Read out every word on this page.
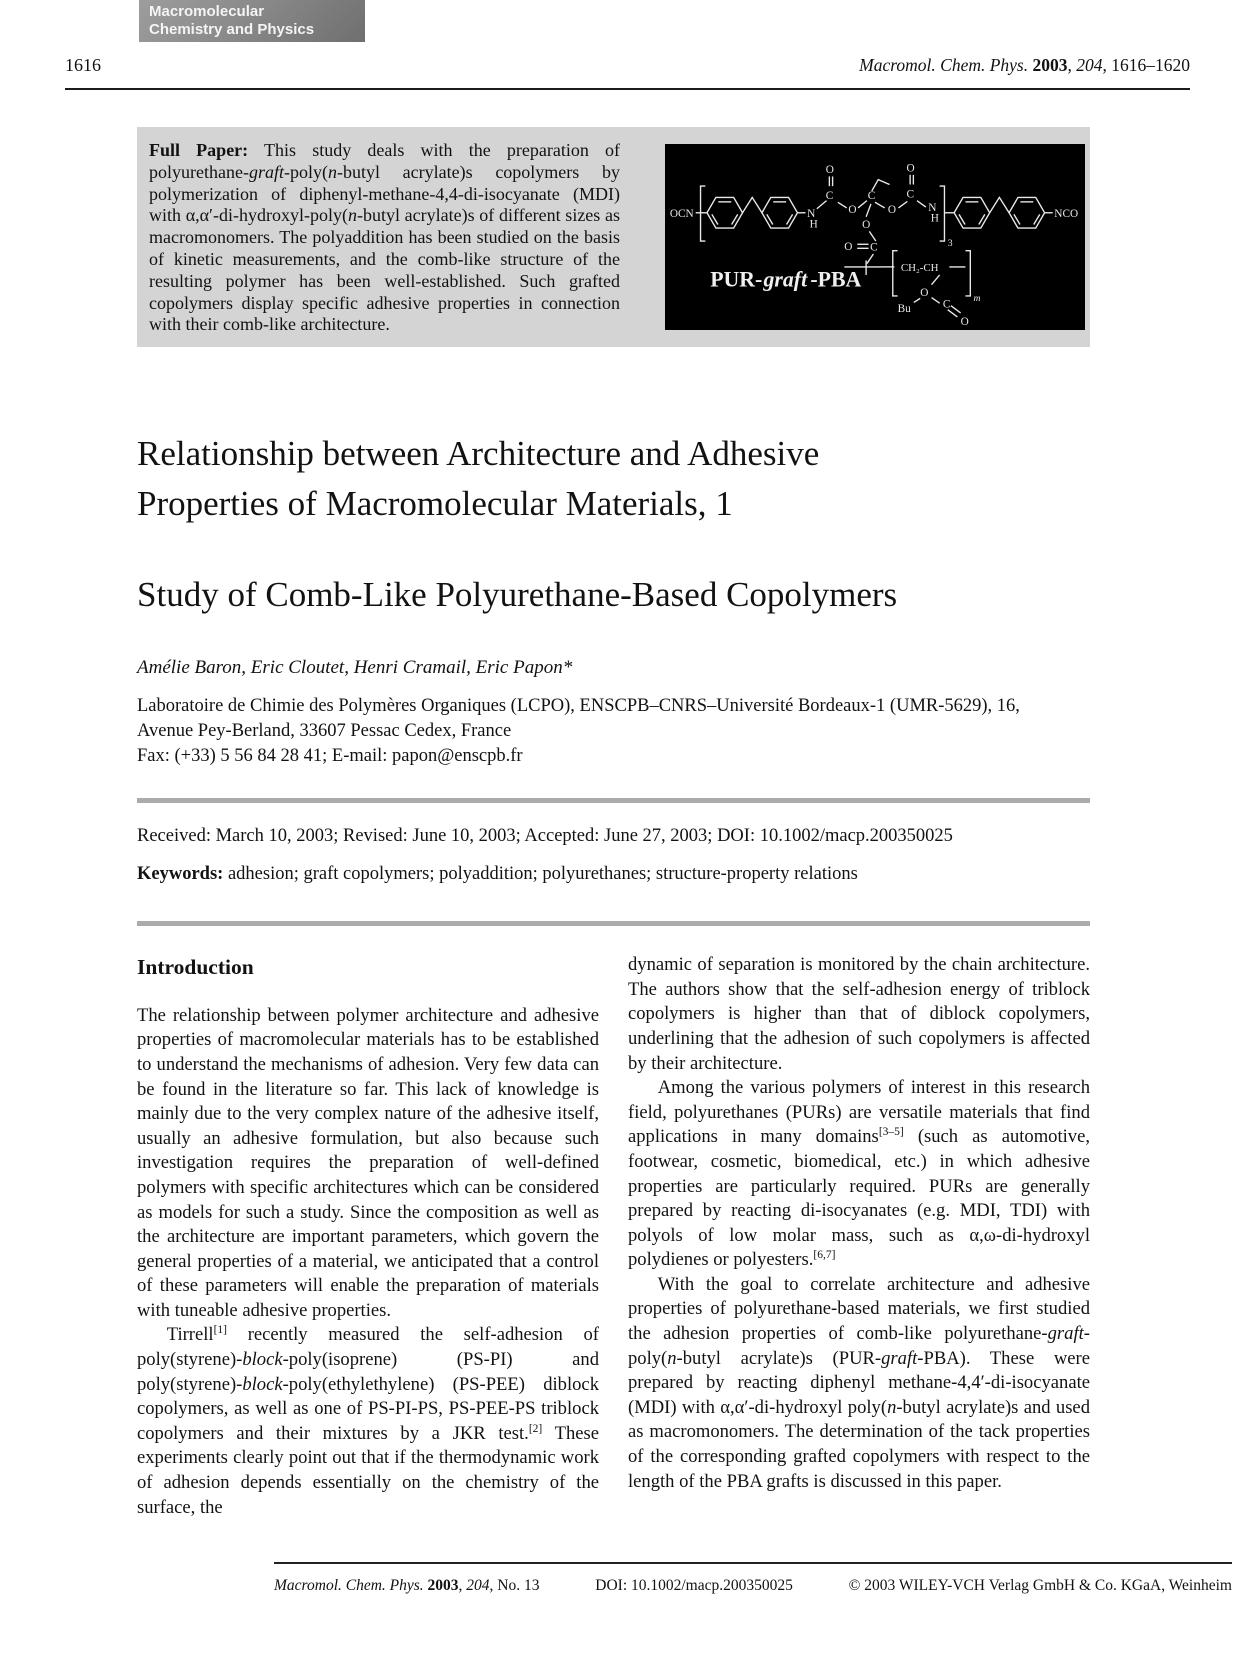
1616
Macromolecular
Chemistry and Physics
Macromol. Chem. Phys. 2003, 204, 1616–1620
Full Paper: This study deals with the preparation of polyurethane-graft-poly(n-butyl acrylate)s copolymers by polymerization of diphenyl-methane-4,4-di-isocyanate (MDI) with α,α′-di-hydroxyl-poly(n-butyl acrylate)s of different sizes as macromonomers. The polyaddition has been studied on the basis of kinetic measurements, and the comb-like structure of the resulting polymer has been well-established. Such grafted copolymers display specific adhesive properties in connection with their comb-like architecture.
OCN	N
H
C
O
O
C
O
C
O
N
H
3
NCO
O
C
O
CH₂-CH
m
O
C
O
Bu
PUR- graft -PBA
Relationship between Architecture and Adhesive
Properties of Macromolecular Materials, 1
Study of Comb-Like Polyurethane-Based Copolymers
Amélie Baron, Eric Cloutet, Henri Cramail, Eric Papon*
Laboratoire de Chimie des Polymères Organiques (LCPO), ENSCPB–CNRS–Université Bordeaux-1 (UMR-5629), 16,
Avenue Pey-Berland, 33607 Pessac Cedex, France
Fax: (+33) 5 56 84 28 41; E-mail: papon@enscpb.fr
Received: March 10, 2003; Revised: June 10, 2003; Accepted: June 27, 2003; DOI: 10.1002/macp.200350025
Keywords: adhesion; graft copolymers; polyaddition; polyurethanes; structure-property relations
Introduction

The relationship between polymer architecture and adhesive properties of macromolecular materials has to be established to understand the mechanisms of adhesion. Very few data can be found in the literature so far. This lack of knowledge is mainly due to the very complex nature of the adhesive itself, usually an adhesive formulation, but also because such investigation requires the preparation of well-defined polymers with specific architectures which can be considered as models for such a study. Since the composition as well as the architecture are important parameters, which govern the general properties of a material, we anticipated that a control of these parameters will enable the preparation of materials with tuneable adhesive properties.

Tirrell[1] recently measured the self-adhesion of poly(styrene)-block-poly(isoprene) (PS-PI) and poly(styrene)-block-poly(ethylethylene) (PS-PEE) diblock copolymers, as well as one of PS-PI-PS, PS-PEE-PS triblock copolymers and their mixtures by a JKR test.[2] These experiments clearly point out that if the thermodynamic work of adhesion depends essentially on the chemistry of the surface, the

dynamic of separation is monitored by the chain architecture. The authors show that the self-adhesion energy of triblock copolymers is higher than that of diblock copolymers, underlining that the adhesion of such copolymers is affected by their architecture.

Among the various polymers of interest in this research field, polyurethanes (PURs) are versatile materials that find applications in many domains[3–5] (such as automotive, footwear, cosmetic, biomedical, etc.) in which adhesive properties are particularly required. PURs are generally prepared by reacting di-isocyanates (e.g. MDI, TDI) with polyols of low molar mass, such as α,ω-di-hydroxyl polydienes or polyesters.[6,7]

With the goal to correlate architecture and adhesive properties of polyurethane-based materials, we first studied the adhesion properties of comb-like polyurethane-graft-poly(n-butyl acrylate)s (PUR-graft-PBA). These were prepared by reacting diphenyl methane-4,4′-di-isocyanate (MDI) with α,α′-di-hydroxyl poly(n-butyl acrylate)s and used as macromonomers. The determination of the tack properties of the corresponding grafted copolymers with respect to the length of the PBA grafts is discussed in this paper.

Macromol. Chem. Phys. 2003, 204, No. 13	DOI: 10.1002/macp.200350025	© 2003 WILEY-VCH Verlag GmbH & Co. KGaA, Weinheim
